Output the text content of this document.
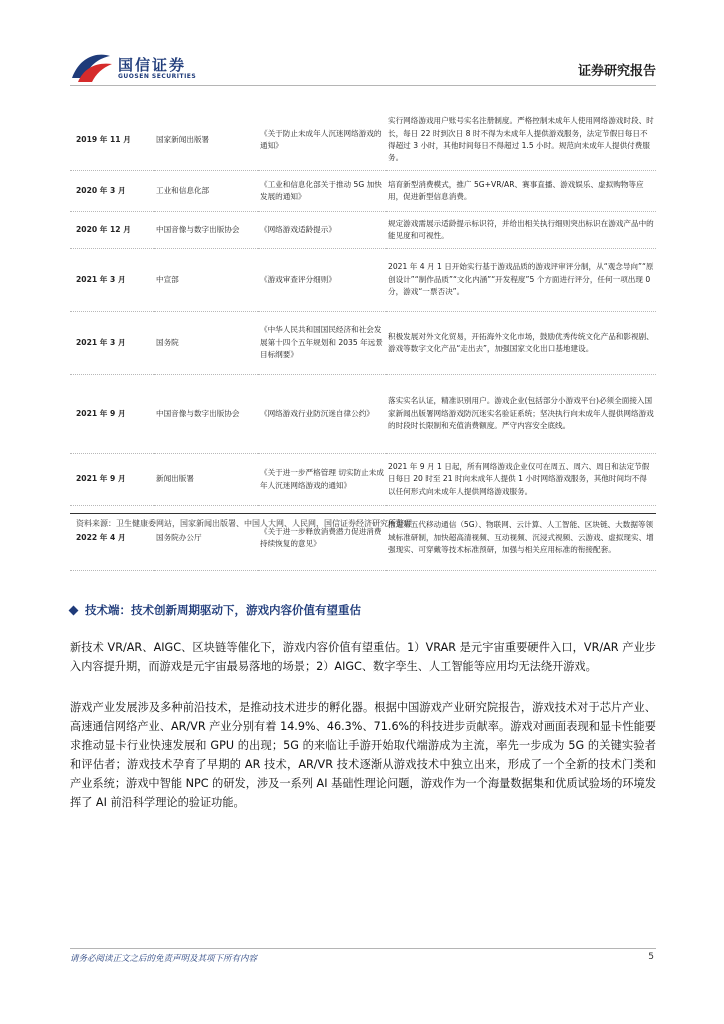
国信证券
GUOSEN SECURITIES	证券研究报告
2019 年 11 月	国家新闻出版署	《关于防止未成年人沉迷网络游戏的通知》	实行网络游戏用户账号实名注册制度。严格控制未成年人使用网络游戏时段、时长，每日 22 时到次日 8 时不得为未成年人提供游戏服务，法定节假日每日不得超过 3 小时，其他时间每日不得超过 1.5 小时。规范向未成年人提供付费服务。
2020 年 3 月	工业和信息化部	《工业和信息化部关于推动 5G 加快发展的通知》	培育新型消费模式，推广 5G+VR/AR、赛事直播、游戏娱乐、虚拟购物等应用，促进新型信息消费。
2020 年 12 月	中国音像与数字出版协会	《网络游戏适龄提示》	规定游戏需展示适龄提示标识符，并给出相关执行细则突出标识在游戏产品中的能见度和可视性。
2021 年 3 月	中宣部	《游戏审查评分细则》	2021 年 4 月 1 日开始实行基于游戏品质的游戏评审评分制，从“观念导向”“原创设计”“制作品质”“文化内涵”“开发程度”5 个方面进行评分，任何一项出现 0 分，游戏“一票否决”。
2021 年 3 月	国务院	《中华人民共和国国民经济和社会发展第十四个五年规划和 2035 年远景目标纲要》	积极发展对外文化贸易，开拓海外文化市场，鼓励优秀传统文化产品和影视剧、游戏等数字文化产品“走出去”，加强国家文化出口基地建设。
2021 年 9 月	中国音像与数字出版协会	《网络游戏行业防沉迷自律公约》	落实实名认证，精准识别用户。游戏企业(包括部分小游戏平台)必须全面接入国家新闻出版署网络游戏防沉迷实名验证系统；坚决执行向未成年人提供网络游戏的时段时长限制和充值消费额度。严守内容安全底线。
2021 年 9 月	新闻出版署	《关于进一步严格管理 切实防止未成年人沉迷网络游戏的通知》	2021 年 9 月 1 日起，所有网络游戏企业仅可在周五、周六、周日和法定节假日每日 20 时至 21 时向未成年人提供 1 小时网络游戏服务，其他时间均不得以任何形式向未成年人提供网络游戏服务。
2022 年 4 月	国务院办公厅	《关于进一步释放消费潜力促进消费持续恢复的意见》	推进第五代移动通信（5G）、物联网、云计算、人工智能、区块链、大数据等领域标准研制，加快超高清视频、互动视频、沉浸式视频、云游戏、虚拟现实、增强现实、可穿戴等技术标准预研，加强与相关应用标准的衔接配套。
资料来源：卫生健康委网站，国家新闻出版署、中国人大网、人民网，国信证券经济研究所整理
技术端：技术创新周期驱动下，游戏内容价值有望重估

新技术 VR/AR、AIGC、区块链等催化下，游戏内容价值有望重估。1）VRAR 是元宇宙重要硬件入口，VR/AR 产业步入内容提升期，而游戏是元宇宙最易落地的场景；2）AIGC、数字孪生、人工智能等应用均无法绕开游戏。

游戏产业发展涉及多种前沿技术，是推动技术进步的孵化器。根据中国游戏产业研究院报告，游戏技术对于芯片产业、高速通信网络产业、AR/VR 产业分别有着 14.9%、46.3%、71.6%的科技进步贡献率。游戏对画面表现和显卡性能要求推动显卡行业快速发展和 GPU 的出现；5G 的来临让手游开始取代端游成为主流，率先一步成为 5G 的关键实验者和评估者；游戏技术孕育了早期的 AR 技术，AR/VR 技术逐渐从游戏技术中独立出来，形成了一个全新的技术门类和产业系统；游戏中智能 NPC 的研发，涉及一系列 AI 基础性理论问题，游戏作为一个海量数据集和优质试验场的环境发挥了 AI 前沿科学理论的验证功能。

请务必阅读正文之后的免责声明及其项下所有内容	5
